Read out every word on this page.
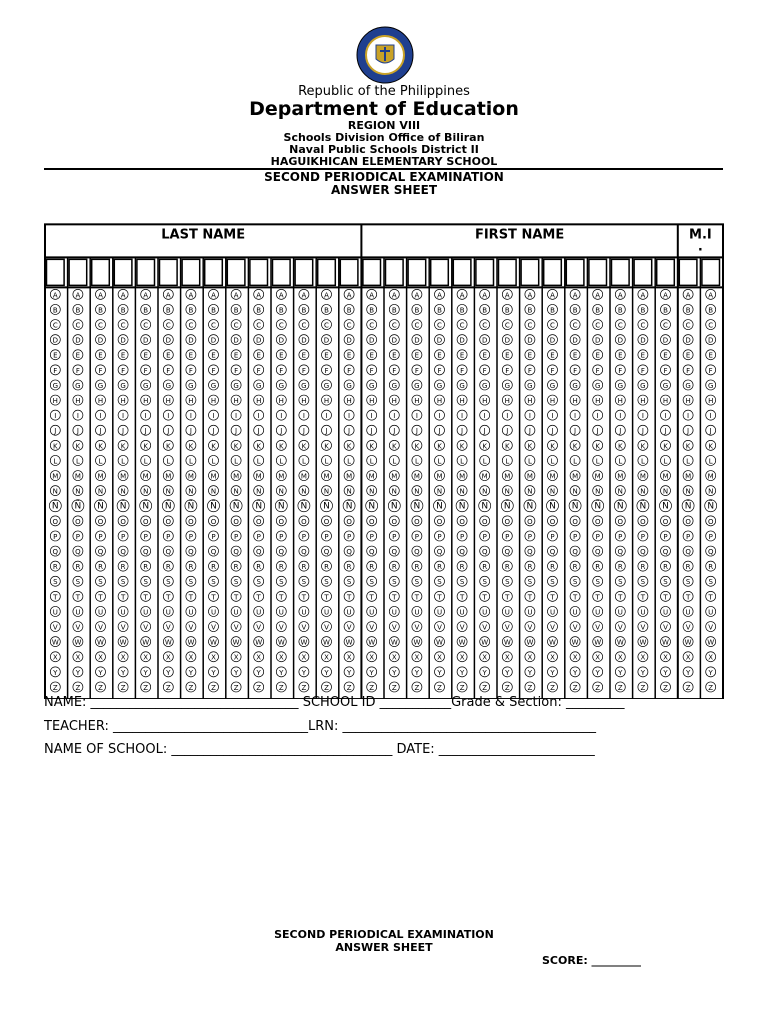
Republic of the Philippines
Department of Education
REGION VIII
Schools Division Office of Biliran
Naval Public Schools District II
HAGUIKHICAN ELEMENTARY SCHOOL
SECOND PERIODICAL EXAMINATION
ANSWER SHEET
LAST NAME	FIRST NAME	M.I .
A
B
C
D
E
F
G
H
I
J
K
L
M
N
Ñ
O
P
Q
R
S
T
U
V
W
X
Y
Z
A
B
C
D
E
F
G
H
I
J
K
L
M
N
Ñ
O
P
Q
R
S
T
U
V
W
X
Y
Z
A
B
C
D
E
F
G
H
I
J
K
L
M
N
Ñ
O
P
Q
R
S
T
U
V
W
X
Y
Z
A
B
C
D
E
F
G
H
I
J
K
L
M
N
Ñ
O
P
Q
R
S
T
U
V
W
X
Y
Z
A
B
C
D
E
F
G
H
I
J
K
L
M
N
Ñ
O
P
Q
R
S
T
U
V
W
X
Y
Z
A
B
C
D
E
F
G
H
I
J
K
L
M
N
Ñ
O
P
Q
R
S
T
U
V
W
X
Y
Z
A
B
C
D
E
F
G
H
I
J
K
L
M
N
Ñ
O
P
Q
R
S
T
U
V
W
X
Y
Z
A
B
C
D
E
F
G
H
I
J
K
L
M
N
Ñ
O
P
Q
R
S
T
U
V
W
X
Y
Z
A
B
C
D
E
F
G
H
I
J
K
L
M
N
Ñ
O
P
Q
R
S
T
U
V
W
X
Y
Z
A
B
C
D
E
F
G
H
I
J
K
L
M
N
Ñ
O
P
Q
R
S
T
U
V
W
X
Y
Z
A
B
C
D
E
F
G
H
I
J
K
L
M
N
Ñ
O
P
Q
R
S
T
U
V
W
X
Y
Z
A
B
C
D
E
F
G
H
I
J
K
L
M
N
Ñ
O
P
Q
R
S
T
U
V
W
X
Y
Z
A
B
C
D
E
F
G
H
I
J
K
L
M
N
Ñ
O
P
Q
R
S
T
U
V
W
X
Y
Z
A
B
C
D
E
F
G
H
I
J
K
L
M
N
Ñ
O
P
Q
R
S
T
U
V
W
X
Y
Z
A
B
C
D
E
F
G
H
I
J
K
L
M
N
Ñ
O
P
Q
R
S
T
U
V
W
X
Y
Z
A
B
C
D
E
F
G
H
I
J
K
L
M
N
Ñ
O
P
Q
R
S
T
U
V
W
X
Y
Z
A
B
C
D
E
F
G
H
I
J
K
L
M
N
Ñ
O
P
Q
R
S
T
U
V
W
X
Y
Z
A
B
C
D
E
F
G
H
I
J
K
L
M
N
Ñ
O
P
Q
R
S
T
U
V
W
X
Y
Z
A
B
C
D
E
F
G
H
I
J
K
L
M
N
Ñ
O
P
Q
R
S
T
U
V
W
X
Y
Z
A
B
C
D
E
F
G
H
I
J
K
L
M
N
Ñ
O
P
Q
R
S
T
U
V
W
X
Y
Z
A
B
C
D
E
F
G
H
I
J
K
L
M
N
Ñ
O
P
Q
R
S
T
U
V
W
X
Y
Z
A
B
C
D
E
F
G
H
I
J
K
L
M
N
Ñ
O
P
Q
R
S
T
U
V
W
X
Y
Z
A
B
C
D
E
F
G
H
I
J
K
L
M
N
Ñ
O
P
Q
R
S
T
U
V
W
X
Y
Z
A
B
C
D
E
F
G
H
I
J
K
L
M
N
Ñ
O
P
Q
R
S
T
U
V
W
X
Y
Z
A
B
C
D
E
F
G
H
I
J
K
L
M
N
Ñ
O
P
Q
R
S
T
U
V
W
X
Y
Z
A
B
C
D
E
F
G
H
I
J
K
L
M
N
Ñ
O
P
Q
R
S
T
U
V
W
X
Y
Z
A
B
C
D
E
F
G
H
I
J
K
L
M
N
Ñ
O
P
Q
R
S
T
U
V
W
X
Y
Z
A
B
C
D
E
F
G
H
I
J
K
L
M
N
Ñ
O
P
Q
R
S
T
U
V
W
X
Y
Z
A
B
C
D
E
F
G
H
I
J
K
L
M
N
Ñ
O
P
Q
R
S
T
U
V
W
X
Y
Z
A
B
C
D
E
F
G
H
I
J
K
L
M
N
Ñ
O
P
Q
R
S
T
U
V
W
X
Y
Z
NAME: ________________________________ SCHOOL ID ___________Grade & Section: _________
TEACHER: ______________________________LRN: _______________________________________
NAME OF SCHOOL: __________________________________ DATE: ________________________
SECOND PERIODICAL EXAMINATION
ANSWER SHEET
SCORE: _________
